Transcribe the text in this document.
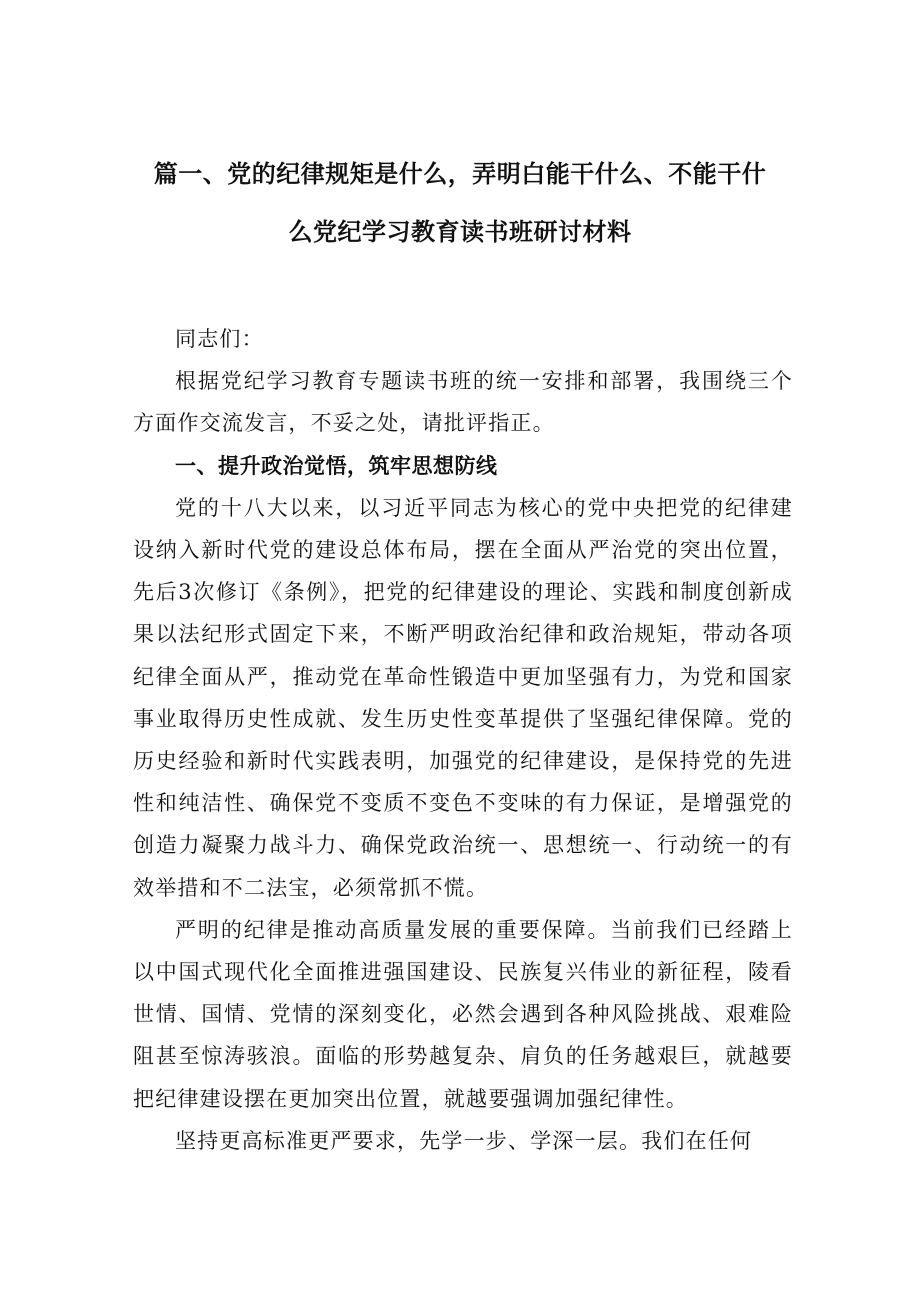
篇一、党的纪律规矩是什么，弄明白能干什么、不能干什
么党纪学习教育读书班研讨材料

同志们：

根据党纪学习教育专题读书班的统一安排和部署，我围绕三个方面作交流发言，不妥之处，请批评指正。

一、提升政治觉悟，筑牢思想防线

党的十八大以来，以习近平同志为核心的党中央把党的纪律建设纳入新时代党的建设总体布局，摆在全面从严治党的突出位置，先后3次修订《条例》，把党的纪律建设的理论、实践和制度创新成果以法纪形式固定下来，不断严明政治纪律和政治规矩，带动各项纪律全面从严，推动党在革命性锻造中更加坚强有力，为党和国家事业取得历史性成就、发生历史性变革提供了坚强纪律保障。党的历史经验和新时代实践表明，加强党的纪律建设，是保持党的先进性和纯洁性、确保党不变质不变色不变味的有力保证，是增强党的创造力凝聚力战斗力、确保党政治统一、思想统一、行动统一的有效举措和不二法宝，必须常抓不慌。

严明的纪律是推动高质量发展的重要保障。当前我们已经踏上以中国式现代化全面推进强国建设、民族复兴伟业的新征程，陵看世情、国情、党情的深刻变化，必然会遇到各种风险挑战、艰难险阻甚至惊涛骇浪。面临的形势越复杂、肩负的任务越艰巨，就越要把纪律建设摆在更加突出位置，就越要强调加强纪律性。

坚持更高标准更严要求，先学一步、学深一层。我们在任何
